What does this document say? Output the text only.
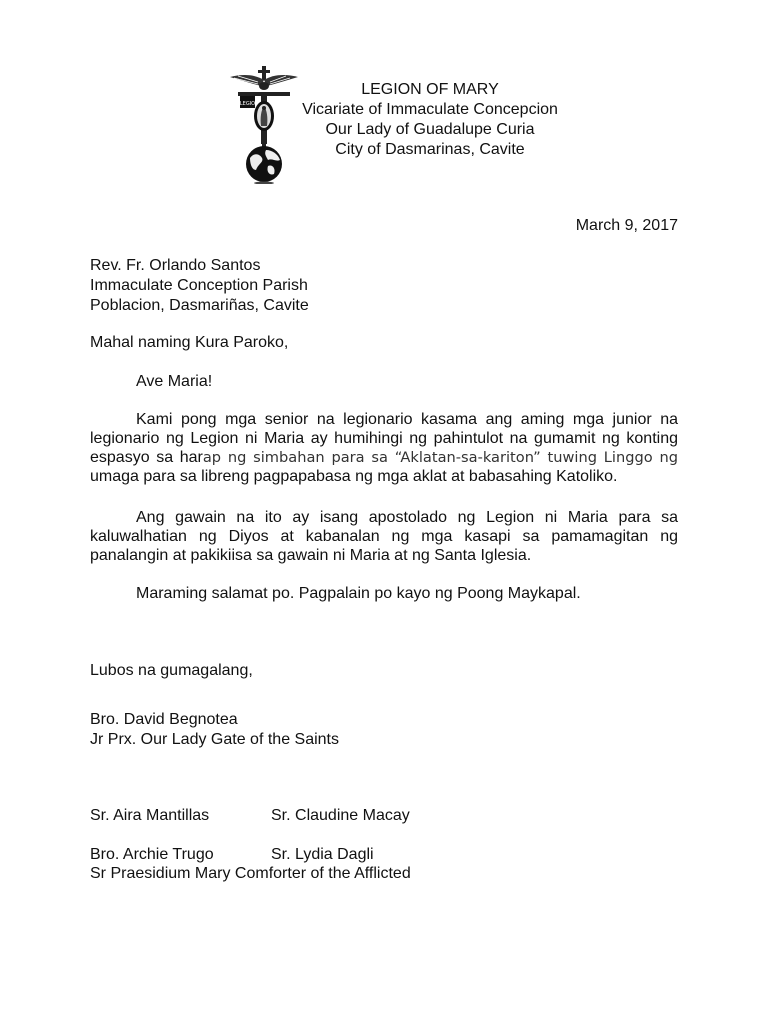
LEGIO
LEGION OF MARY
Vicariate of Immaculate Concepcion
Our Lady of Guadalupe Curia
City of Dasmarinas, Cavite
March 9, 2017
Rev. Fr. Orlando Santos
Immaculate Conception Parish
Poblacion, Dasmariñas, Cavite
Mahal naming Kura Paroko,
Ave Maria!
Kami pong mga senior na legionario kasama ang aming mga junior na legionario ng Legion ni Maria ay humihingi ng pahintulot na gumamit ng konting espasyo sa harap ng simbahan para sa “Aklatan-sa-kariton” tuwing Linggo ng umaga para sa libreng pagpapabasa ng mga aklat at babasahing Katoliko.
Ang gawain na ito ay isang apostolado ng Legion ni Maria para sa kaluwalhatian ng Diyos at kabanalan ng mga kasapi sa pamamagitan ng panalangin at pakikiisa sa gawain ni Maria at ng Santa Iglesia.
Maraming salamat po. Pagpalain po kayo ng Poong Maykapal.
Lubos na gumagalang,
Bro. David Begnotea
Jr Prx. Our Lady Gate of the Saints
Sr. Aira Mantillas	Sr. Claudine Macay
Bro. Archie Trugo	Sr. Lydia Dagli
Sr Praesidium Mary Comforter of the Afflicted
